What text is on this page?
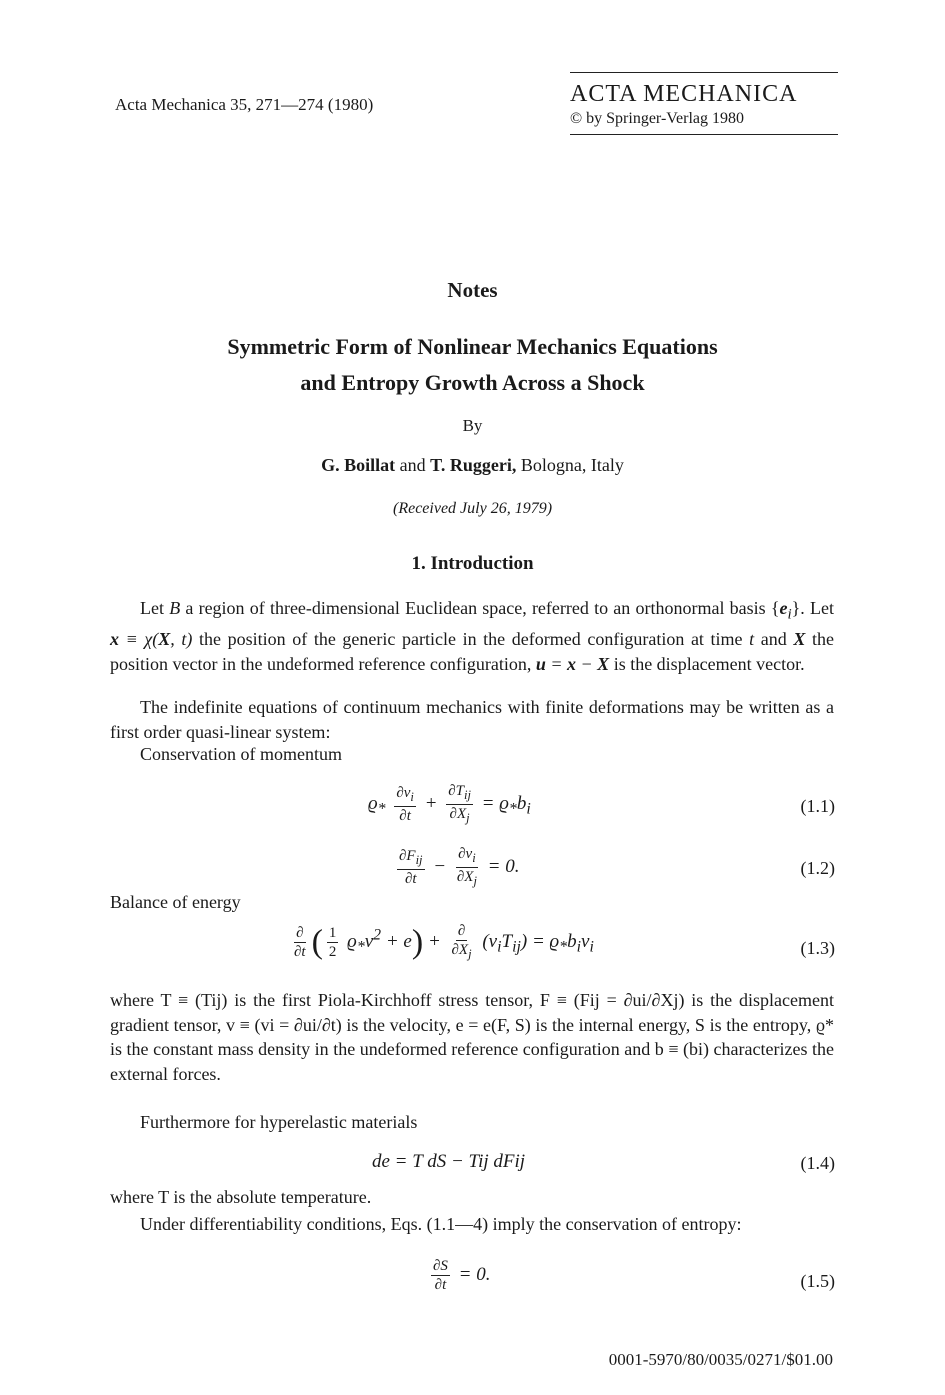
Acta Mechanica 35, 271—274 (1980)	ACTA MECHANICA
© by Springer-Verlag 1980
Notes
Symmetric Form of Nonlinear Mechanics Equations
and Entropy Growth Across a Shock
By
G. Boillat and T. Ruggeri, Bologna, Italy
(Received July 26, 1979)
1. Introduction
Let B a region of three-dimensional Euclidean space, referred to an orthonormal basis $\{e_i\}$. Let x ≡ χ(X, t) the position of the generic particle in the deformed configuration at time t and X the position vector in the undeformed reference configuration, u = x − X is the displacement vector.
The indefinite equations of continuum mechanics with finite deformations may be written as a first order quasi-linear system:
Conservation of momentum
$ϱ_* \frac{\partial v_i}{\partial t} + \frac{\partial T_{ij}}{\partial X_j} = ϱ_*b_i$	(1.1)
$\frac{\partial F_{ij}}{\partial t} - \frac{\partial v_i}{\partial X_j} = 0$.	(1.2)
Balance of energy
$\frac{\partial}{\partial t}$ ( $\frac{1}{2} ϱ_*v^2 + e) + \frac{\partial}{\partial X_j} (v_iT_{ij}) = ϱ_*b_iv_i$	(1.3)
where T ≡ (Tij) is the first Piola-Kirchhoff stress tensor, F ≡ (Fij = ∂ui/∂Xj) is the displacement gradient tensor, v ≡ (vi = ∂ui/∂t) is the velocity, e = e(F, S) is the internal energy, S is the entropy, ϱ* is the constant mass density in the undeformed reference configuration and b ≡ (bi) characterizes the external forces.
Furthermore for hyperelastic materials
de = T dS − Tij dFij	(1.4)
where T is the absolute temperature.
Under differentiability conditions, Eqs. (1.1—4) imply the conservation of entropy:
$\frac{\partial S}{\partial t} = 0$.	(1.5)
0001-5970/80/0035/0271/$01.00
